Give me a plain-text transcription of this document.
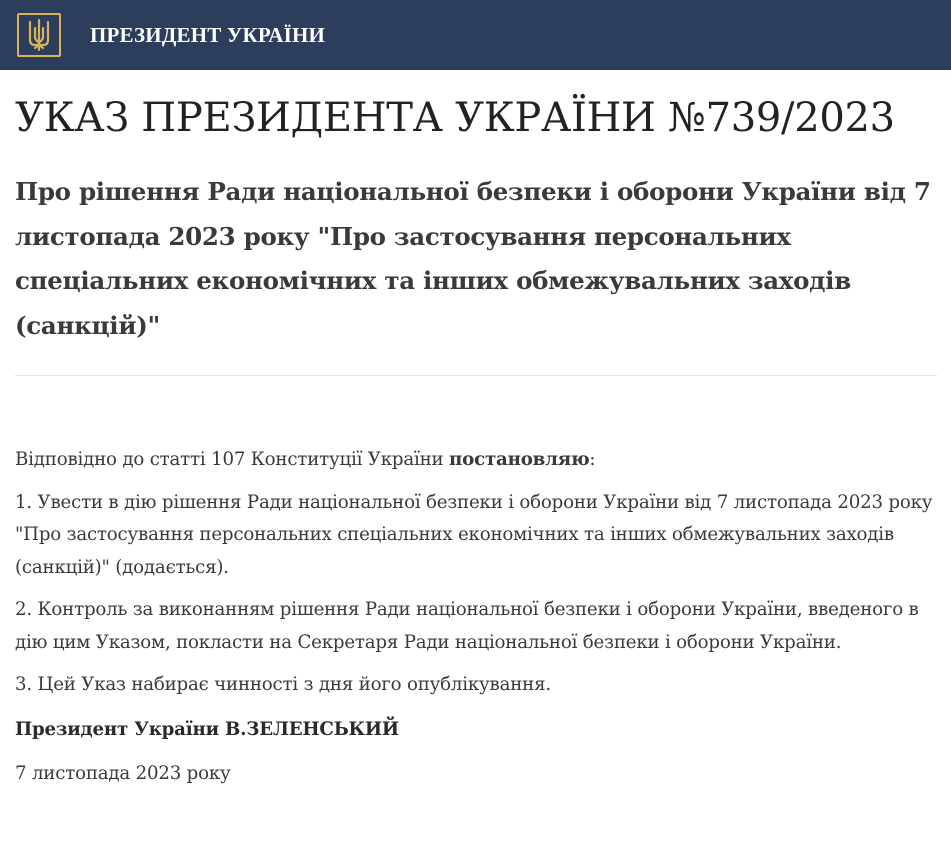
ПРЕЗИДЕНТ УКРАЇНИ
УКАЗ ПРЕЗИДЕНТА УКРАЇНИ №739/2023
Про рішення Ради національної безпеки і оборони України від 7 листопада 2023 року "Про застосування персональних спеціальних економічних та інших обмежувальних заходів (санкцій)"

Відповідно до статті 107 Конституції України постановляю:

1. Увести в дію рішення Ради національної безпеки і оборони України від 7 листопада 2023 року "Про застосування персональних спеціальних економічних та інших обмежувальних заходів (санкцій)" (додається).

2. Контроль за виконанням рішення Ради національної безпеки і оборони України, введеного в дію цим Указом, покласти на Секретаря Ради національної безпеки і оборони України.

3. Цей Указ набирає чинності з дня його опублікування.

Президент України В.ЗЕЛЕНСЬКИЙ

7 листопада 2023 року
